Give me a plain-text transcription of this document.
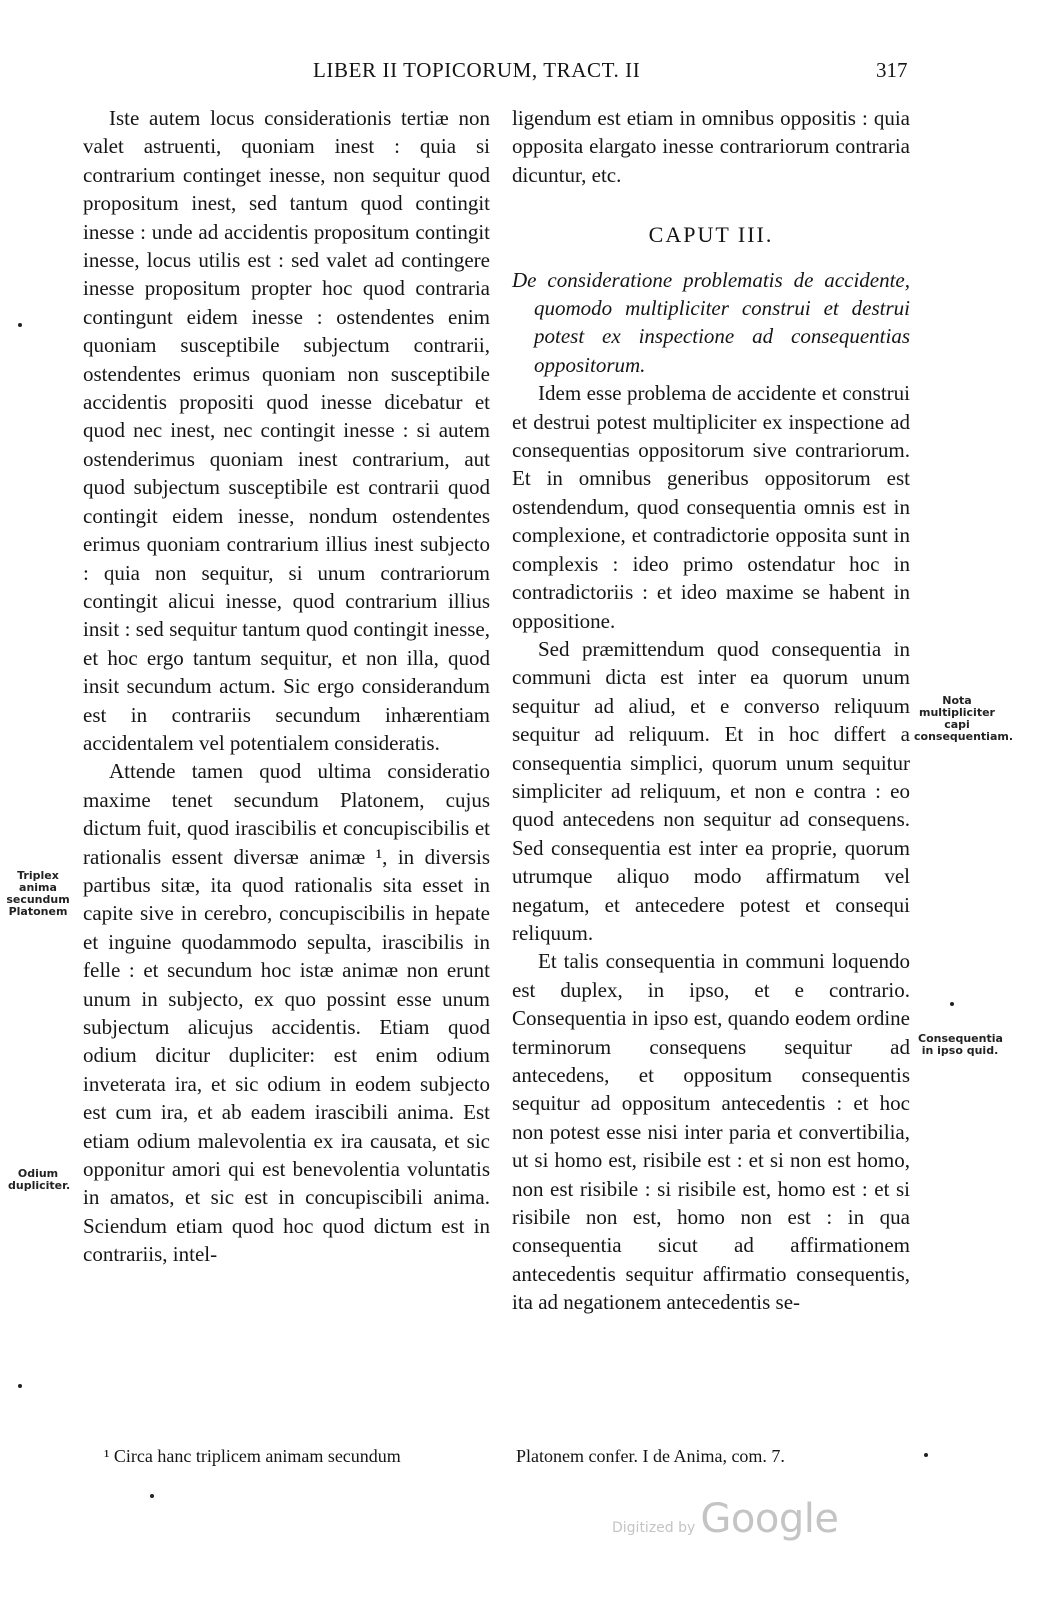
LIBER II TOPICORUM, TRACT. II	317

Iste autem locus considerationis tertiæ non valet astruenti, quoniam inest : quia si contrarium continget inesse, non sequitur quod propositum inest, sed tantum quod contingit inesse : unde ad accidentis propositum contingit inesse, locus utilis est : sed valet ad contingere inesse propositum propter hoc quod contraria contingunt eidem inesse : ostendentes enim quoniam susceptibile subjectum contrarii, ostendentes erimus quoniam non susceptibile accidentis propositi quod inesse dicebatur et quod nec inest, nec contingit inesse : si autem ostenderimus quoniam inest contrarium, aut quod subjectum susceptibile est contrarii quod contingit eidem inesse, nondum ostendentes erimus quoniam contrarium illius inest subjecto : quia non sequitur, si unum contrariorum contingit alicui inesse, quod contrarium illius insit : sed sequitur tantum quod contingit inesse, et hoc ergo tantum sequitur, et non illa, quod insit secundum actum. Sic ergo considerandum est in contrariis secundum inhærentiam accidentalem vel potentialem consideratis.

Attende tamen quod ultima consideratio maxime tenet secundum Platonem, cujus dictum fuit, quod irascibilis et concupiscibilis et rationalis essent diversæ animæ ¹, in diversis partibus sitæ, ita quod rationalis sita esset in capite sive in cerebro, concupiscibilis in hepate et inguine quodammodo sepulta, irascibilis in felle : et secundum hoc istæ animæ non erunt unum in subjecto, ex quo possint esse unum subjectum alicujus accidentis. Etiam quod odium dicitur dupliciter: est enim odium inveterata ira, et sic odium in eodem subjecto est cum ira, et ab eadem irascibili anima. Est etiam odium malevolentia ex ira causata, et sic opponitur amori qui est benevolentia voluntatis in amatos, et sic est in concupiscibili anima. Sciendum etiam quod hoc quod dictum est in contrariis, intel-

ligendum est etiam in omnibus oppositis : quia opposita elargato inesse contrariorum contraria dicuntur, etc.

CAPUT III.

De consideratione problematis de accidente, quomodo multipliciter construi et destrui potest ex inspectione ad consequentias oppositorum.

Idem esse problema de accidente et construi et destrui potest multipliciter ex inspectione ad consequentias oppositorum sive contrariorum. Et in omnibus generibus oppositorum est ostendendum, quod consequentia omnis est in complexione, et contradictorie opposita sunt in complexis : ideo primo ostendatur hoc in contradictoriis : et ideo maxime se habent in oppositione.

Sed præmittendum quod consequentia in communi dicta est inter ea quorum unum sequitur ad aliud, et e converso reliquum sequitur ad reliquum. Et in hoc differt a consequentia simplici, quorum unum sequitur simpliciter ad reliquum, et non e contra : eo quod antecedens non sequitur ad consequens. Sed consequentia est inter ea proprie, quorum utrumque aliquo modo affirmatum vel negatum, et antecedere potest et consequi reliquum.

Et talis consequentia in communi loquendo est duplex, in ipso, et e contrario. Consequentia in ipso est, quando eodem ordine terminorum consequens sequitur ad antecedens, et oppositum consequentis sequitur ad oppositum antecedentis : et hoc non potest esse nisi inter paria et convertibilia, ut si homo est, risibile est : et si non est homo, non est risibile : si risibile est, homo est : et si risibile non est, homo non est : in qua consequentia sicut ad affirmationem antecedentis sequitur affirmatio consequentis, ita ad negationem antecedentis se-

Triplex anima secundum Platonem
Odium dupliciter.
Nota multipliciter capi consequentiam.
Consequentia in ipso quid.
¹ Circa hanc triplicem animam secundum	Platonem confer. I de Anima, com. 7.
Digitized by Google
